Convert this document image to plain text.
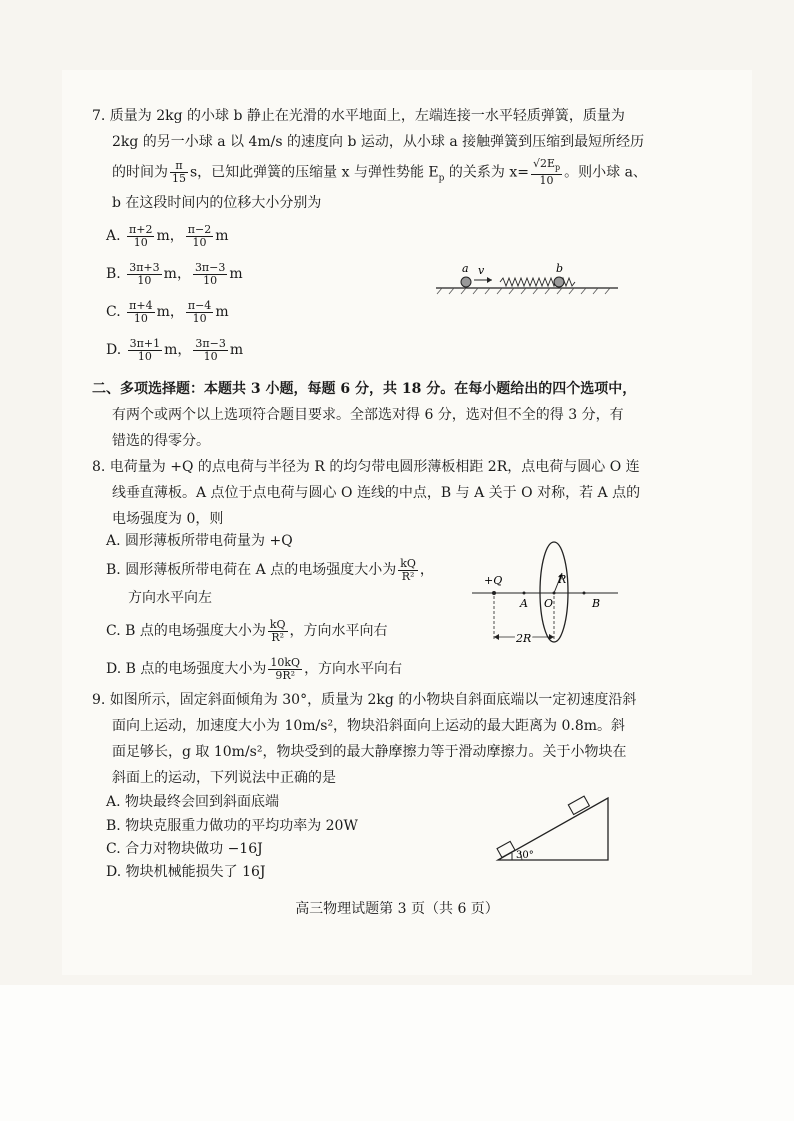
7. 质量为 2kg 的小球 b 静止在光滑的水平地面上，左端连接一水平轻质弹簧，质量为
2kg 的另一小球 a 以 4m/s 的速度向 b 运动，从小球 a 接触弹簧到压缩到最短所经历
的时间为 $\frac{\pi}{15}$ s，已知此弹簧的压缩量 x 与弹性势能 $E_p$ 的关系为 $x= \frac{√2E_p}{10}$ 。则小球 a、
b 在这段时间内的位移大小分别为
A. $\frac{\pi+2}{10}$ m， $\frac{\pi-2}{10}$ m
B. $\frac{3\pi+3}{10}$ m， $\frac{3\pi-3}{10}$ m
C. $\frac{\pi+4}{10}$ m， $\frac{\pi-4}{10}$ m
D. $\frac{3\pi+1}{10}$ m， $\frac{3\pi-3}{10}$ m
a v	b
二、多项选择题：本题共 3 小题，每题 6 分，共 18 分。在每小题给出的四个选项中，
有两个或两个以上选项符合题目要求。全部选对得 6 分，选对但不全的得 3 分，有
错选的得零分。
8. 电荷量为 +Q 的点电荷与半径为 R 的均匀带电圆形薄板相距 2R，点电荷与圆心 O 连
线垂直薄板。A 点位于点电荷与圆心 O 连线的中点，B 与 A 关于 O 对称，若 A 点的
电场强度为 0，则
A. 圆形薄板所带电荷量为 +Q
B. 圆形薄板所带电荷在 A 点的电场强度大小为 $\frac{kQ}{\text{R²}}$ ，
方向水平向左
C. B 点的电场强度大小为 $\frac{kQ}{\text{R²}}$ ，方向水平向右
D. B 点的电场强度大小为 $\frac{10kQ}{\text{9R²}}$ ，方向水平向右
+Q
A O	B
R
2R
9. 如图所示，固定斜面倾角为 30°，质量为 2kg 的小物块自斜面底端以一定初速度沿斜
面向上运动，加速度大小为 10m/s²，物块沿斜面向上运动的最大距离为 0.8m。斜
面足够长，g 取 10m/s²，物块受到的最大静摩擦力等于滑动摩擦力。关于小物块在
斜面上的运动，下列说法中正确的是
A. 物块最终会回到斜面底端
B. 物块克服重力做功的平均功率为 20W
C. 合力对物块做功 −16J
D. 物块机械能损失了 16J
30°
高三物理试题第 3 页（共 6 页）
